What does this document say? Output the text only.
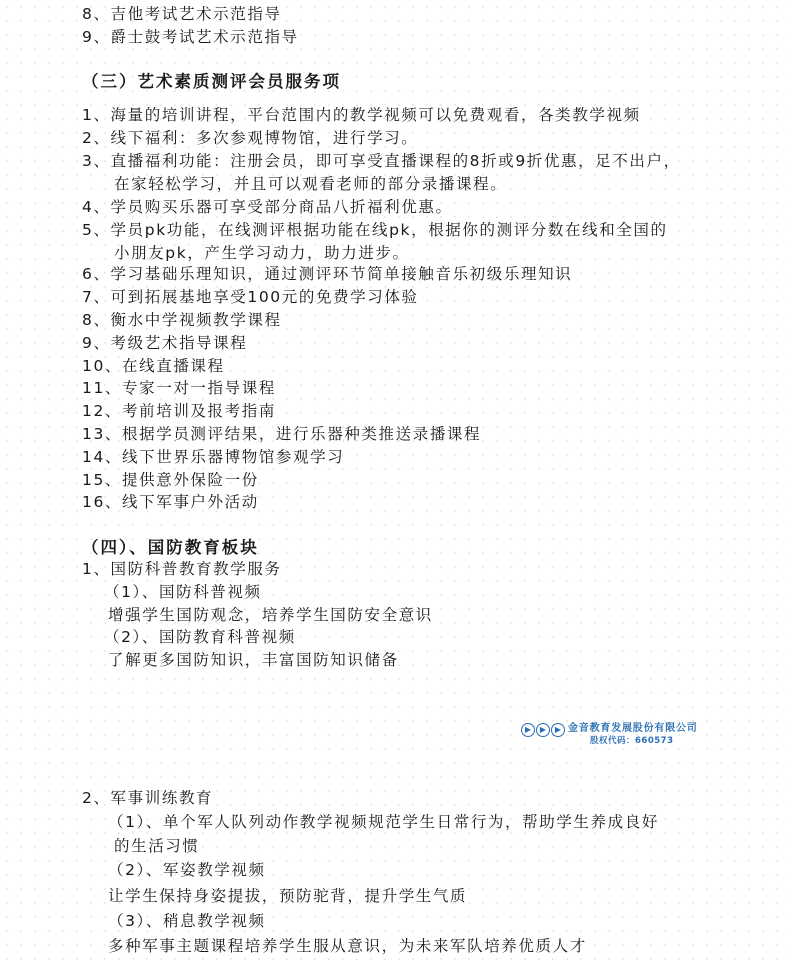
8、吉他考试艺术示范指导
9、爵士鼓考试艺术示范指导
（三）艺术素质测评会员服务项
1、海量的培训讲程，平台范围内的教学视频可以免费观看，各类教学视频
2、线下福利：多次参观博物馆，进行学习。
3、直播福利功能：注册会员，即可享受直播课程的8折或9折优惠，足不出户，
在家轻松学习，并且可以观看老师的部分录播课程。
4、学员购买乐器可享受部分商品八折福利优惠。
5、学员pk功能，在线测评根据功能在线pk，根据你的测评分数在线和全国的
小朋友pk，产生学习动力，助力进步。
6、学习基础乐理知识，通过测评环节简单接触音乐初级乐理知识
7、可到拓展基地享受100元的免费学习体验
8、衡水中学视频教学课程
9、考级艺术指导课程
10、在线直播课程
11、专家一对一指导课程
12、考前培训及报考指南
13、根据学员测评结果，进行乐器种类推送录播课程
14、线下世界乐器博物馆参观学习
15、提供意外保险一份
16、线下军事户外活动
（四）、国防教育板块
1、国防科普教育教学服务
（1）、国防科普视频
增强学生国防观念，培养学生国防安全意识
（2）、国防教育科普视频
了解更多国防知识，丰富国防知识储备
▶	▶	▶ 金音教育发展股份有限公司
股权代码：660573
2、军事训练教育
（1）、单个军人队列动作教学视频规范学生日常行为，帮助学生养成良好
的生活习惯
（2）、军姿教学视频
让学生保持身姿提拔，预防驼背，提升学生气质
（3）、稍息教学视频
多种军事主题课程培养学生服从意识，为未来军队培养优质人才
